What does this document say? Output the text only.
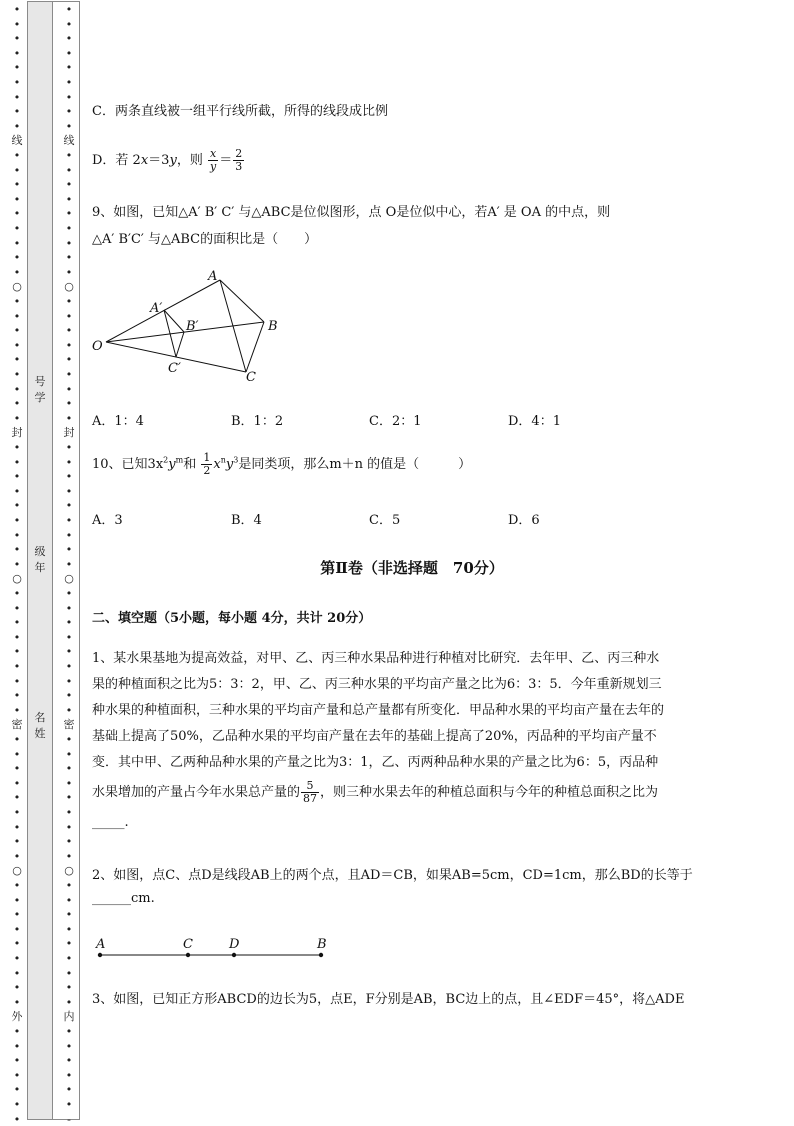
•
•
•
•
•
•
•
•
•
线
•
•
•
•
•
•
•
•
•
○
•
•
•
•
•
•
•
•
•
封
•
•
•
•
•
•
•
•
•
○
•
•
•
•
•
•
•
•
•
密
•
•
•
•
•
•
•
•
•
○
•
•
•
•
•
•
•
•
•
外
•
•
•
•
•
•
•
•
•
•
•
•
•
•
•
•
线
•
•
•
•
•
•
•
•
•
○
•
•
•
•
•
•
•
•
•
封
•
•
•
•
•
•
•
•
•
○
•
•
•
•
•
•
•
•
•
密
•
•
•
•
•
•
•
•
•
○
•
•
•
•
•
•
•
•
•
内
•
•
•
•
•
•
-
号
学
级
年
名
姓
C．两条直线被一组平行线所截，所得的线段成比例
D．若 2x＝3y，则 $\frac{x}{y} = \frac{2}{3}$
9、如图，已知△A′ B′ C′ 与△ABC是位似图形，点 O是位似中心，若A′ 是 OA 的中点，则
△A′ B′C′ 与△ABC的面积比是（　　）
A
A′
B′	B
O
C′
C
A．1：4	B．1：2	C．2：1	D．4：1
10、已知$3x^2y^m$和 $\frac{1}{2} x^ny^3$是同类项，那么m＋n 的值是（　　　）
A．3	B．4	C．5	D．6
第Ⅱ卷（非选择题　70分）
二、填空题（5小题，每小题 4分，共计 20分）
1、某水果基地为提高效益，对甲、乙、丙三种水果品种进行种植对比研究．去年甲、乙、丙三种水
果的种植面积之比为5：3：2，甲、乙、丙三种水果的平均亩产量之比为6：3：5．今年重新规划三
种水果的种植面积，三种水果的平均亩产量和总产量都有所变化．甲品种水果的平均亩产量在去年的
基础上提高了50%，乙品种水果的平均亩产量在去年的基础上提高了20%，丙品种的平均亩产量不
变．其中甲、乙两种品种水果的产量之比为3：1，乙、丙两种品种水果的产量之比为6：5，丙品种
水果增加的产量占今年水果总产量的 $\frac{5}{87}$ ，则三种水果去年的种植总面积与今年的种植总面积之比为
_____.
2、如图，点C、点D是线段AB上的两个点，且AD＝CB，如果AB=5cm，CD=1cm，那么BD的长等于
______cm.
A	C	D	B
3、如图，已知正方形ABCD的边长为5，点E，F分别是AB，BC边上的点，且∠EDF＝45°，将△ADE
